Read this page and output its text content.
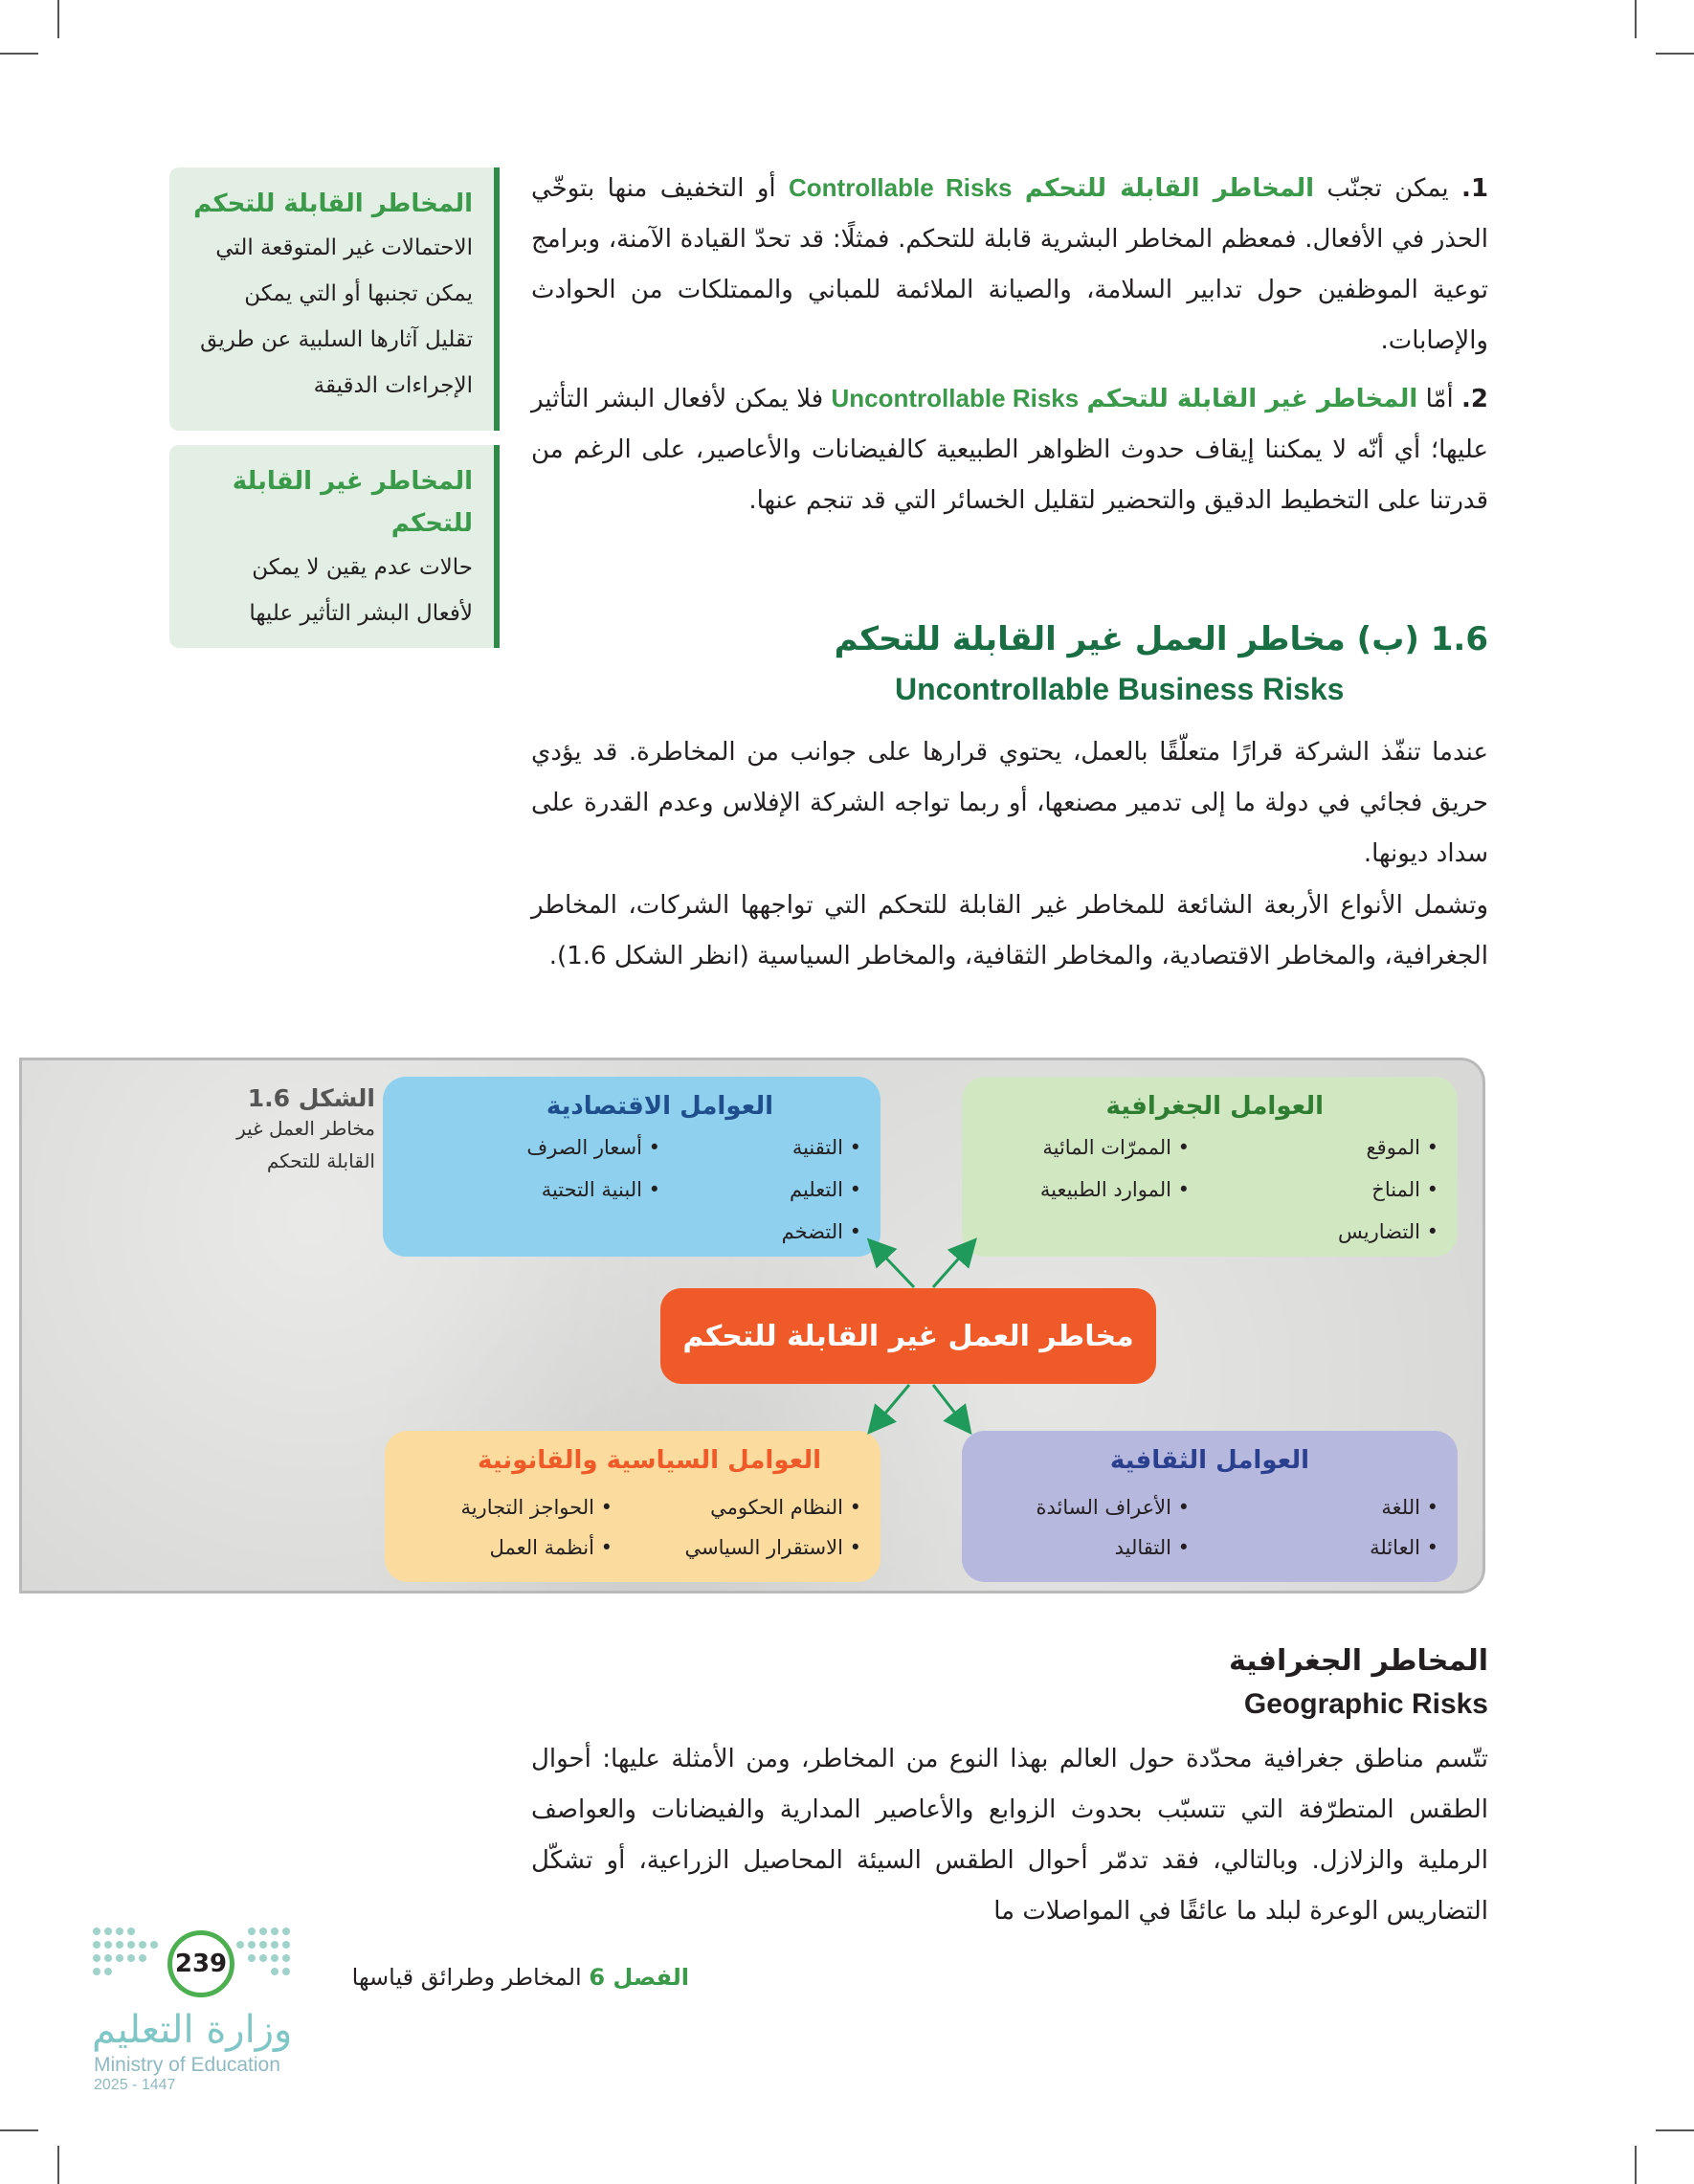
المخاطر القابلة للتحكم
الاحتمالات غير المتوقعة التي
يمكن تجنبها أو التي يمكن
تقليل آثارها السلبية عن طريق
الإجراءات الدقيقة
المخاطر غير القابلة
للتحكم
حالات عدم يقين لا يمكن
لأفعال البشر التأثير عليها
1. يمكن تجنّب المخاطر القابلة للتحكم Controllable Risks أو التخفيف منها بتوخّي الحذر في الأفعال. فمعظم المخاطر البشرية قابلة للتحكم. فمثلًا: قد تحدّ القيادة الآمنة، وبرامج توعية الموظفين حول تدابير السلامة، والصيانة الملائمة للمباني والممتلكات من الحوادث والإصابات.
2. أمّا المخاطر غير القابلة للتحكم Uncontrollable Risks فلا يمكن لأفعال البشر التأثير عليها؛ أي أنّه لا يمكننا إيقاف حدوث الظواهر الطبيعية كالفيضانات والأعاصير، على الرغم من قدرتنا على التخطيط الدقيق والتحضير لتقليل الخسائر التي قد تنجم عنها.
1.6 (ب) مخاطر العمل غير القابلة للتحكم
Uncontrollable Business Risks
عندما تنفّذ الشركة قرارًا متعلّقًا بالعمل، يحتوي قرارها على جوانب من المخاطرة. قد يؤدي حريق فجائي في دولة ما إلى تدمير مصنعها، أو ربما تواجه الشركة الإفلاس وعدم القدرة على سداد ديونها.
وتشمل الأنواع الأربعة الشائعة للمخاطر غير القابلة للتحكم التي تواجهها الشركات، المخاطر الجغرافية، والمخاطر الاقتصادية، والمخاطر الثقافية، والمخاطر السياسية (انظر الشكل 1.6).
الشكل 1.6
مخاطر العمل غير
القابلة للتحكم
العوامل الاقتصادية
• التقنية
• التعليم
• التضخم
• أسعار الصرف
• البنية التحتية
العوامل الجغرافية
• الموقع
• المناخ
• التضاريس
• الممرّات المائية
• الموارد الطبيعية
العوامل السياسية والقانونية
• النظام الحكومي
• الاستقرار السياسي
• الحواجز التجارية
• أنظمة العمل
العوامل الثقافية
• اللغة
• العائلة
• الأعراف السائدة
• التقاليد
مخاطر العمل غير القابلة للتحكم
المخاطر الجغرافية
Geographic Risks
تتّسم مناطق جغرافية محدّدة حول العالم بهذا النوع من المخاطر، ومن الأمثلة عليها: أحوال الطقس المتطرّفة التي تتسبّب بحدوث الزوابع والأعاصير المدارية والفيضانات والعواصف الرملية والزلازل. وبالتالي، فقد تدمّر أحوال الطقس السيئة المحاصيل الزراعية، أو تشكّل التضاريس الوعرة لبلد ما عائقًا في المواصلات ما
الفصل 6 المخاطر وطرائق قياسها
239
وزارة التعليم
Ministry of Education
2025 - 1447
